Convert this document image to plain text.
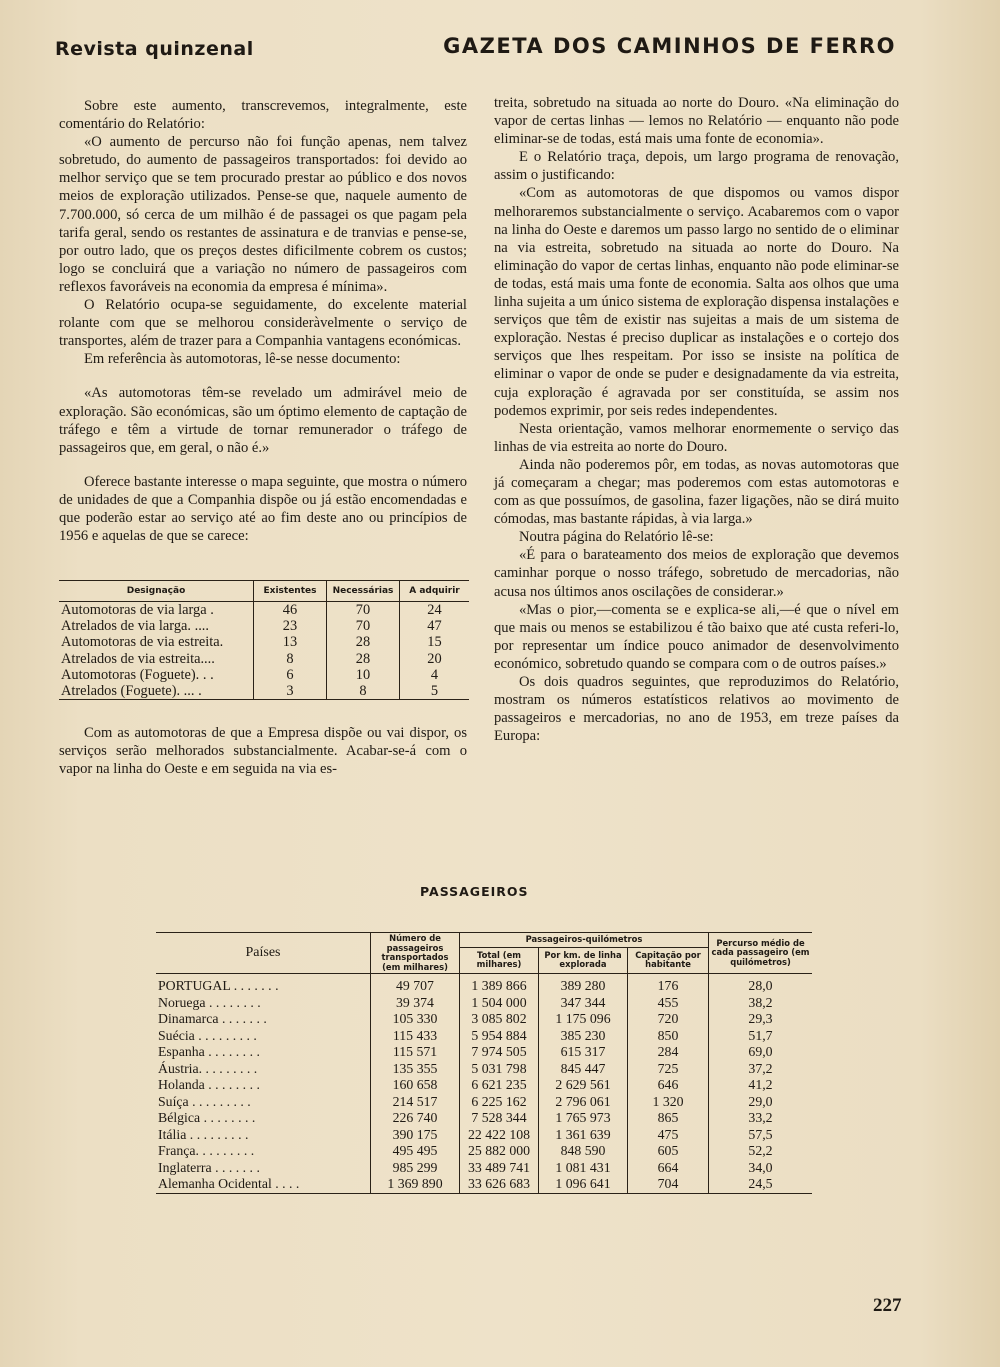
Revista quinzenal	GAZETA DOS CAMINHOS DE FERRO

Sobre este aumento, transcrevemos, integralmente, este comentário do Relatório:

«O aumento de percurso não foi função apenas, nem talvez sobretudo, do aumento de passageiros transportados: foi devido ao melhor serviço que se tem procurado prestar ao público e dos novos meios de exploração utilizados. Pense-se que, naquele aumento de 7.700.000, só cerca de um milhão é de passagei os que pagam pela tarifa geral, sendo os restantes de assinatura e de tranvias e pense-se, por outro lado, que os preços destes dificilmente cobrem os custos; logo se concluirá que a variação no número de passageiros com reflexos favoráveis na economia da empresa é mínima».

O Relatório ocupa-se seguidamente, do excelente material rolante com que se melhorou consideràvelmente o serviço de transportes, além de trazer para a Companhia vantagens económicas.

Em referência às automotoras, lê-se nesse documento:

«As automotoras têm-se revelado um admirável meio de exploração. São económicas, são um óptimo elemento de captação de tráfego e têm a virtude de tornar remunerador o tráfego de passageiros que, em geral, o não é.»

Oferece bastante interesse o mapa seguinte, que mostra o número de unidades de que a Companhia dispõe ou já estão encomendadas e que poderão estar ao serviço até ao fim deste ano ou princípios de 1956 e aquelas de que se carece:

Designação	Existentes	Necessárias	A adquirir
Automotoras de via larga .	46	70	24
Atrelados de via larga. ....	23	70	47
Automotoras de via estreita.	13	28	15
Atrelados de via estreita....	8	28	20
Automotoras (Foguete). . .	6	10	4
Atrelados (Foguete). ... .	3	8	5

Com as automotoras de que a Empresa dispõe ou vai dispor, os serviços serão melhorados substancialmente. Acabar-se-á com o vapor na linha do Oeste e em seguida na via es-

treita, sobretudo na situada ao norte do Douro. «Na eliminação do vapor de certas linhas — lemos no Relatório — enquanto não pode eliminar-se de todas, está mais uma fonte de economia».

E o Relatório traça, depois, um largo programa de renovação, assim o justificando:

«Com as automotoras de que dispomos ou vamos dispor melhoraremos substancialmente o serviço. Acabaremos com o vapor na linha do Oeste e daremos um passo largo no sentido de o eliminar na via estreita, sobretudo na situada ao norte do Douro. Na eliminação do vapor de certas linhas, enquanto não pode eliminar-se de todas, está mais uma fonte de economia. Salta aos olhos que uma linha sujeita a um único sistema de exploração dispensa instalações e serviços que têm de existir nas sujeitas a mais de um sistema de exploração. Nestas é preciso duplicar as instalações e o cortejo dos serviços que lhes respeitam. Por isso se insiste na política de eliminar o vapor de onde se puder e designadamente da via estreita, cuja exploração é agravada por ser constituída, se assim nos podemos exprimir, por seis redes independentes.

Nesta orientação, vamos melhorar enormemente o serviço das linhas de via estreita ao norte do Douro.

Ainda não poderemos pôr, em todas, as novas automotoras que já começaram a chegar; mas poderemos com estas automotoras e com as que possuímos, de gasolina, fazer ligações, não se dirá muito cómodas, mas bastante rápidas, à via larga.»

Noutra página do Relatório lê-se:

«É para o barateamento dos meios de exploração que devemos caminhar porque o nosso tráfego, sobretudo de mercadorias, não acusa nos últimos anos oscilações de considerar.»

«Mas o pior,—comenta se e explica-se ali,—é que o nível em que mais ou menos se estabilizou é tão baixo que até custa referi-lo, por representar um índice pouco animador de desenvolvimento económico, sobretudo quando se compara com o de outros países.»

Os dois quadros seguintes, que reproduzimos do Relatório, mostram os números estatísticos relativos ao movimento de passageiros e mercadorias, no ano de 1953, em treze países da Europa:

PASSAGEIROS
Países	Número de passageiros transportados (em milhares)	Passageiros-quilómetros			Percurso médio de cada passageiro (em quilómetros)
		Total (em milhares)	Por km. de linha explorada	Capitação por habitante	
PORTUGAL . . . . . . .	49 707	1 389 866	389 280	176	28,0
Noruega . . . . . . . .	39 374	1 504 000	347 344	455	38,2
Dinamarca . . . . . . .	105 330	3 085 802	1 175 096	720	29,3
Suécia . . . . . . . . .	115 433	5 954 884	385 230	850	51,7
Espanha . . . . . . . .	115 571	7 974 505	615 317	284	69,0
Áustria. . . . . . . . .	135 355	5 031 798	845 447	725	37,2
Holanda . . . . . . . .	160 658	6 621 235	2 629 561	646	41,2
Suíça . . . . . . . . .	214 517	6 225 162	2 796 061	1 320	29,0
Bélgica . . . . . . . .	226 740	7 528 344	1 765 973	865	33,2
Itália . . . . . . . . .	390 175	22 422 108	1 361 639	475	57,5
França. . . . . . . . .	495 495	25 882 000	848 590	605	52,2
Inglaterra . . . . . . .	985 299	33 489 741	1 081 431	664	34,0
Alemanha Ocidental . . . .	1 369 890	33 626 683	1 096 641	704	24,5
227
